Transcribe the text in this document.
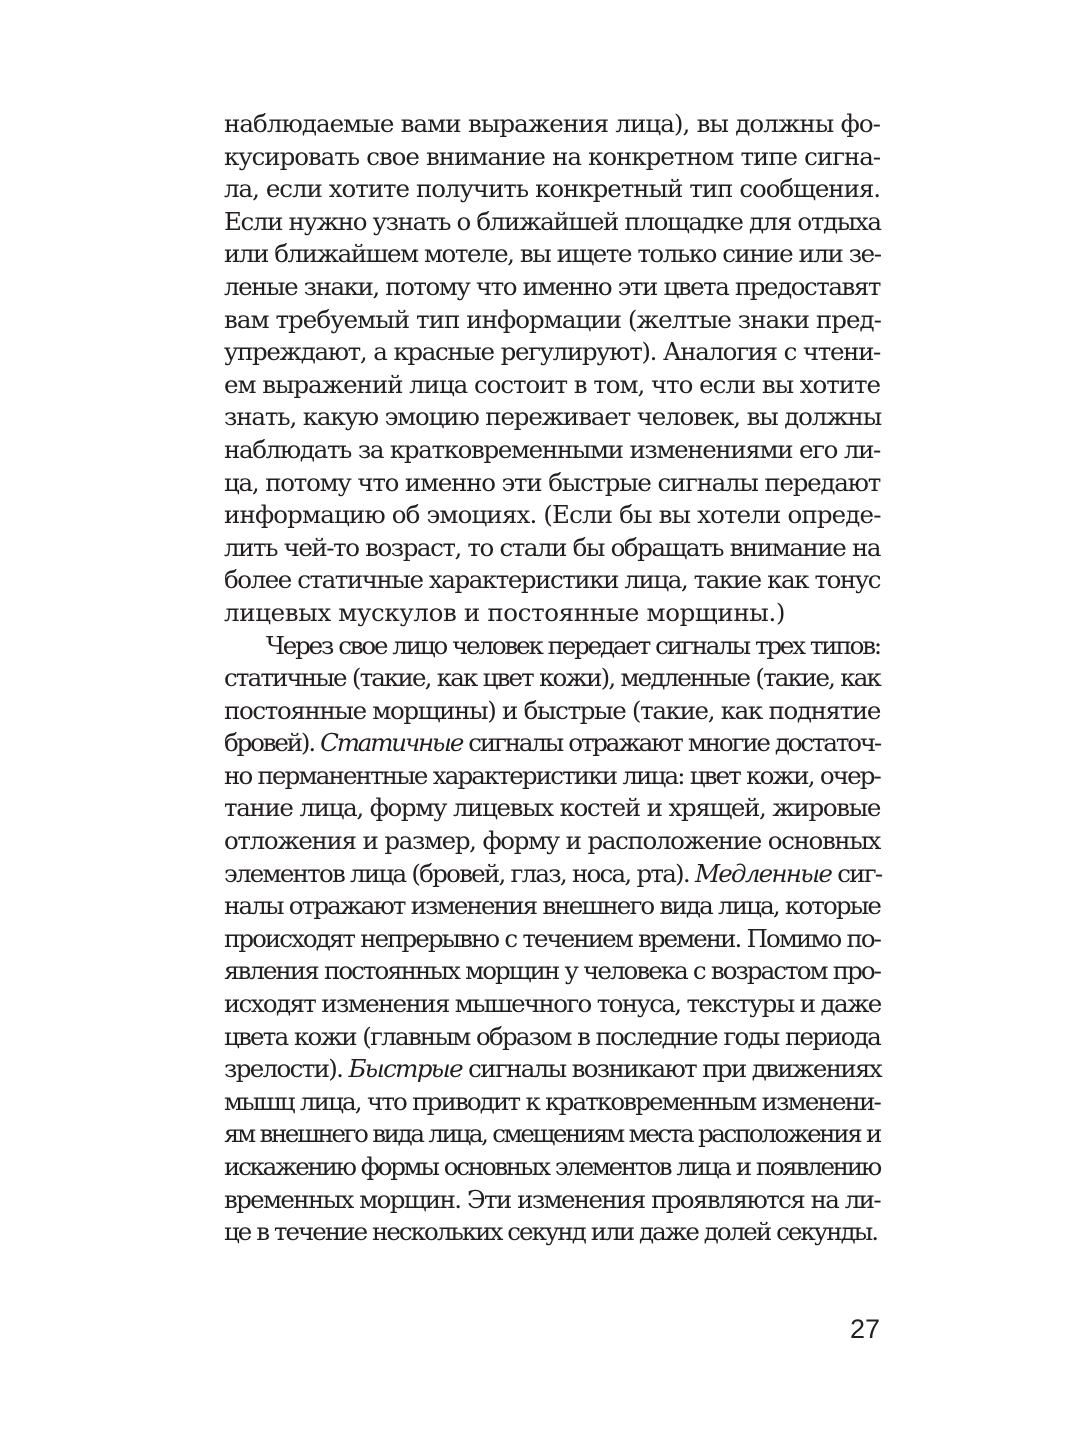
наблюдаемые вами выражения лица), вы должны фо-
кусировать свое внимание на конкретном типе сигна-
ла, если хотите получить конкретный тип сообщения.
Если нужно узнать о ближайшей площадке для отдыха
или ближайшем мотеле, вы ищете только синие или зе-
леные знаки, потому что именно эти цвета предоставят
вам требуемый тип информации (желтые знаки пред-
упреждают, а красные регулируют). Аналогия с чтени-
ем выражений лица состоит в том, что если вы хотите
знать, какую эмоцию переживает человек, вы должны
наблюдать за кратковременными изменениями его ли-
ца, потому что именно эти быстрые сигналы передают
информацию об эмоциях. (Если бы вы хотели опреде-
лить чей-то возраст, то стали бы обращать внимание на
более статичные характеристики лица, такие как тонус
лицевых мускулов и постоянные морщины.)
Через свое лицо человек передает сигналы трех типов:
статичные (такие, как цвет кожи), медленные (такие, как
постоянные морщины) и быстрые (такие, как поднятие
бровей). Статичные сигналы отражают многие достаточ-
но перманентные характеристики лица: цвет кожи, очер-
тание лица, форму лицевых костей и хрящей, жировые
отложения и размер, форму и расположение основных
элементов лица (бровей, глаз, носа, рта). Медленные сиг-
налы отражают изменения внешнего вида лица, которые
происходят непрерывно с течением времени. Помимо по-
явления постоянных морщин у человека с возрастом про-
исходят изменения мышечного тонуса, текстуры и даже
цвета кожи (главным образом в последние годы периода
зрелости). Быстрые сигналы возникают при движениях
мышц лица, что приводит к кратковременным изменени-
ям внешнего вида лица, смещениям места расположения и
искажению формы основных элементов лица и появлению
временных морщин. Эти изменения проявляются на ли-
це в течение нескольких секунд или даже долей секунды.
27
